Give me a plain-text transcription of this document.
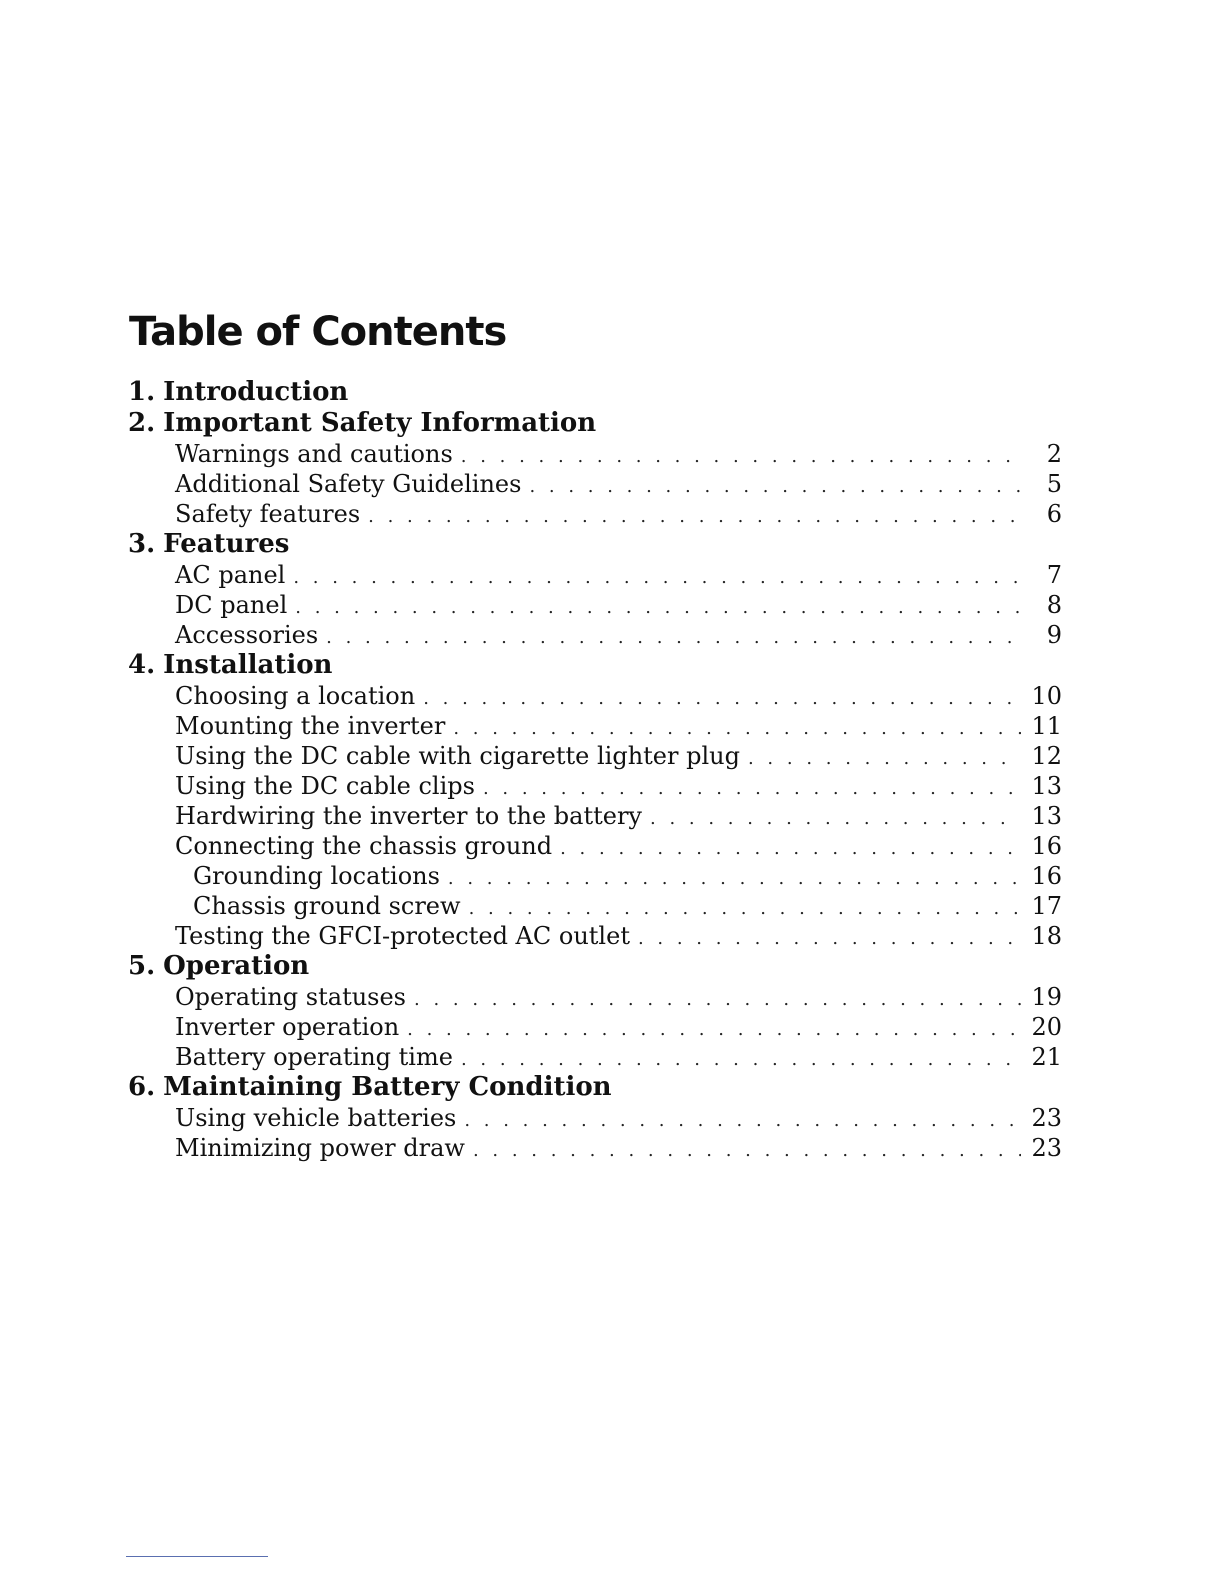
Table of Contents
1. Introduction
2. Important Safety Information
Warnings and cautions . . .	2
Additional Safety Guidelines . . .	5
Safety features . . .	6
3. Features
AC panel . . .	7
DC panel . . .	8
Accessories . . .	9
4. Installation
Choosing a location . . .	10
Mounting the inverter . . .	11
Using the DC cable with cigarette lighter plug . . .	12
Using the DC cable clips . . .	13
Hardwiring the inverter to the battery . . .	13
Connecting the chassis ground . . .	16
Grounding locations . . .	16
Chassis ground screw . . .	17
Testing the GFCI-protected AC outlet . . .	18
5. Operation
Operating statuses . . .	19
Inverter operation . . .	20
Battery operating time . . .	21
6. Maintaining Battery Condition
Using vehicle batteries . . .	23
Minimizing power draw . . .	23
